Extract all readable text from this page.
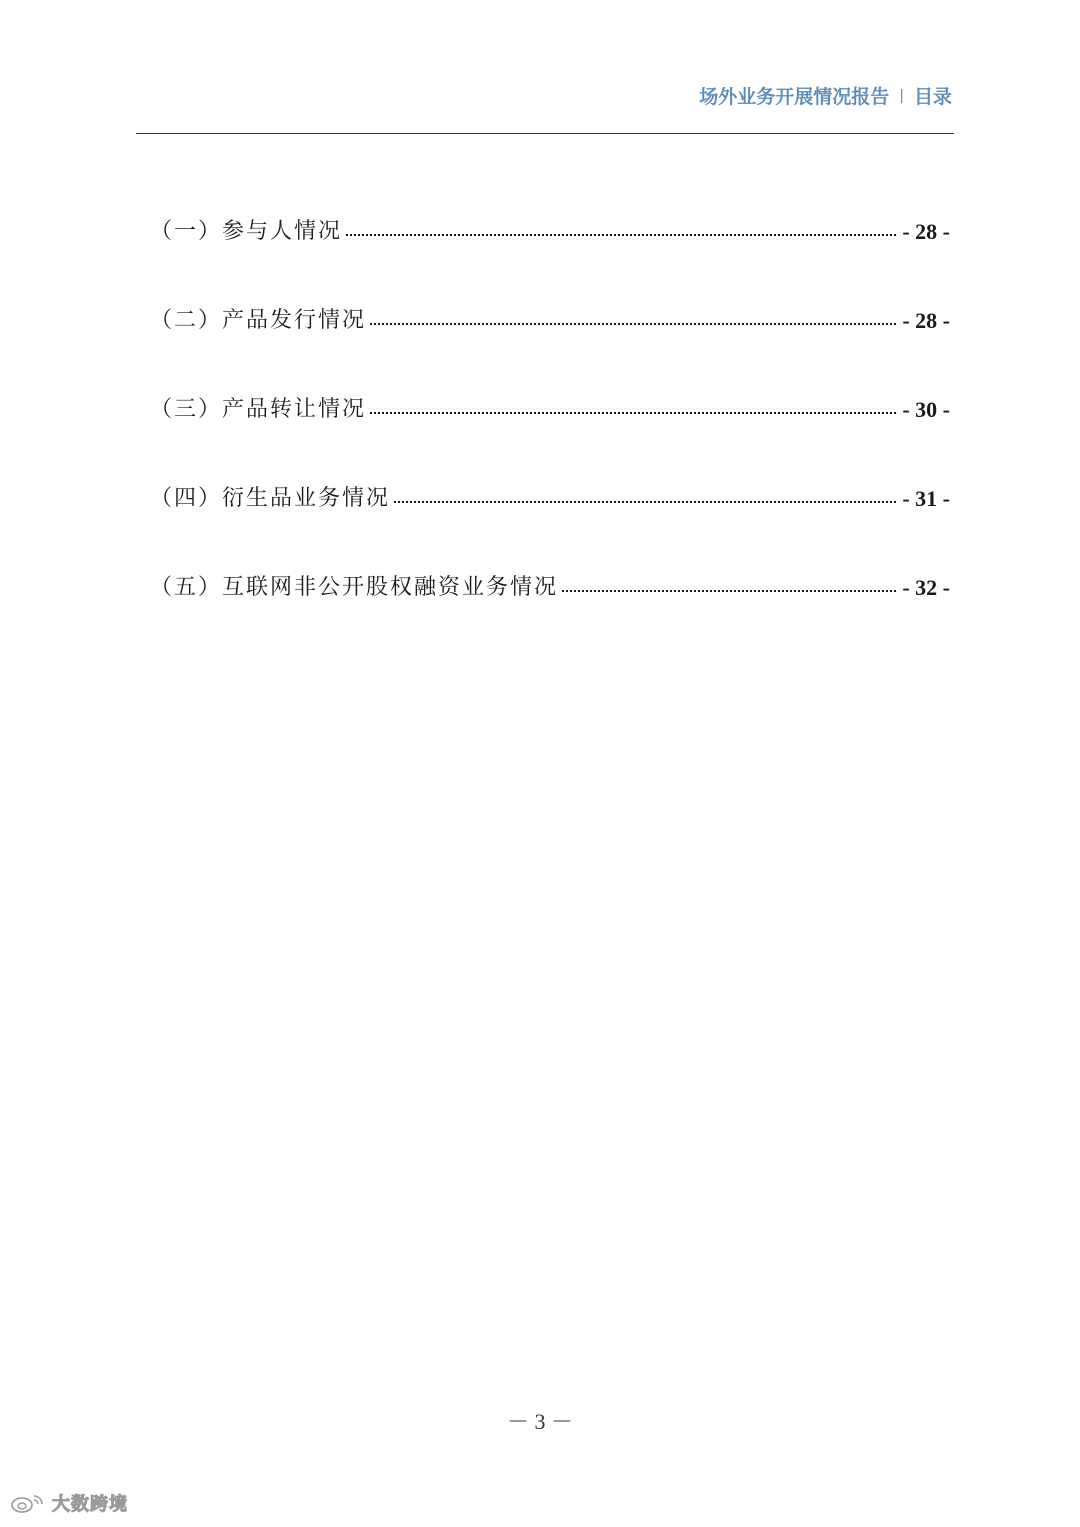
场外业务开展情况报告 | 目录
（一）参与人情况	- 28 -
（二）产品发行情况	- 28 -
（三）产品转让情况	- 30 -
（四）衍生品业务情况	- 31 -
（五）互联网非公开股权融资业务情况	- 32 -
－ 3 －
大数跨境
